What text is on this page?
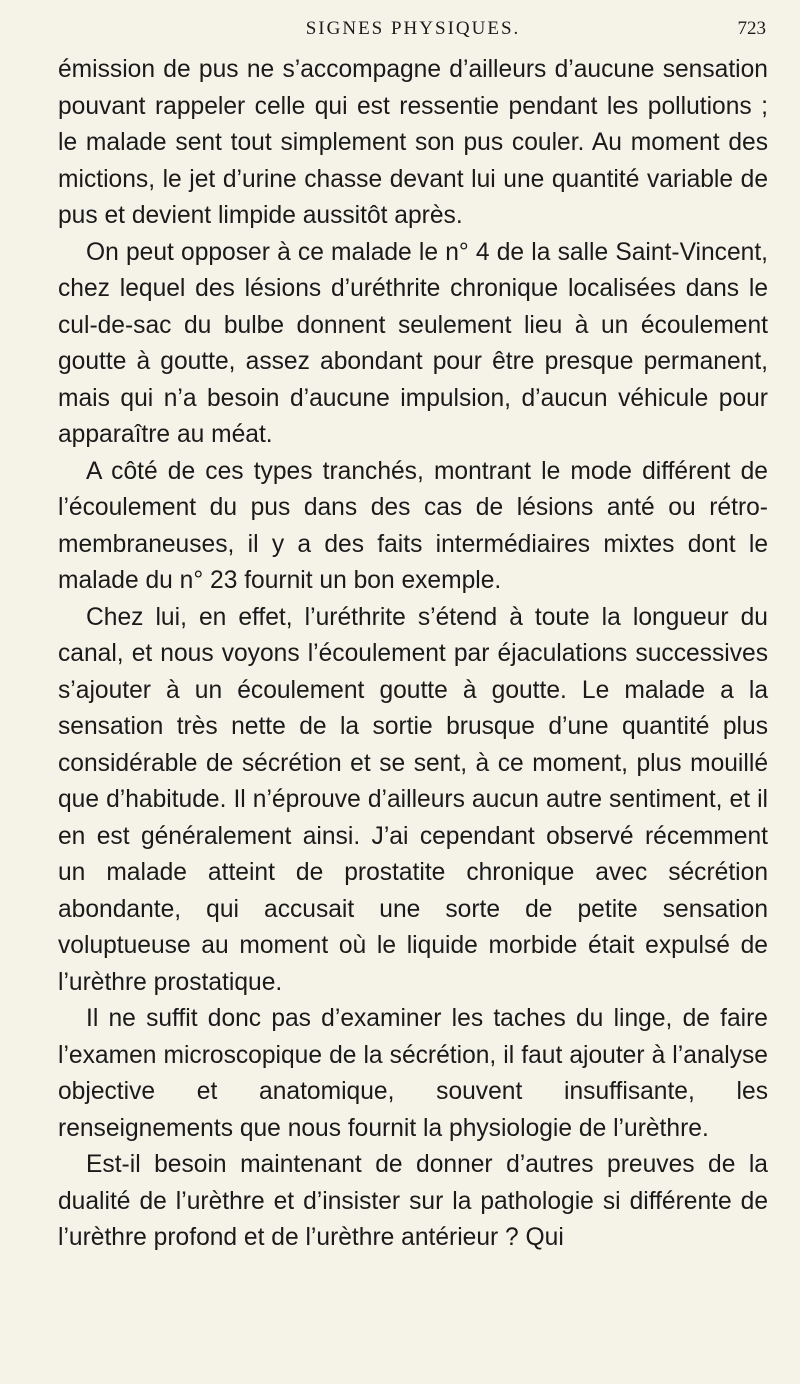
SIGNES PHYSIQUES.	723

émission de pus ne s’accompagne d’ailleurs d’aucune sensation pouvant rappeler celle qui est ressentie pendant les pollutions ; le malade sent tout simplement son pus couler. Au moment des mictions, le jet d’urine chasse devant lui une quantité variable de pus et devient limpide aussitôt après.

On peut opposer à ce malade le n° 4 de la salle Saint-Vincent, chez lequel des lésions d’uréthrite chronique localisées dans le cul-de-sac du bulbe donnent seulement lieu à un écoulement goutte à goutte, assez abondant pour être presque permanent, mais qui n’a besoin d’aucune impulsion, d’aucun véhicule pour apparaître au méat.

A côté de ces types tranchés, montrant le mode différent de l’écoulement du pus dans des cas de lésions anté ou rétro-membraneuses, il y a des faits intermédiaires mixtes dont le malade du n° 23 fournit un bon exemple.

Chez lui, en effet, l’uréthrite s’étend à toute la longueur du canal, et nous voyons l’écoulement par éjaculations successives s’ajouter à un écoulement goutte à goutte. Le malade a la sensation très nette de la sortie brusque d’une quantité plus considérable de sécrétion et se sent, à ce moment, plus mouillé que d’habitude. Il n’éprouve d’ailleurs aucun autre sentiment, et il en est généralement ainsi. J’ai cependant observé récemment un malade atteint de prostatite chronique avec sécrétion abondante, qui accusait une sorte de petite sensation voluptueuse au moment où le liquide morbide était expulsé de l’urèthre prostatique.

Il ne suffit donc pas d’examiner les taches du linge, de faire l’examen microscopique de la sécrétion, il faut ajouter à l’analyse objective et anatomique, souvent insuffisante, les renseignements que nous fournit la physiologie de l’urèthre.

Est-il besoin maintenant de donner d’autres preuves de la dualité de l’urèthre et d’insister sur la pathologie si différente de l’urèthre profond et de l’urèthre antérieur ? Qui
